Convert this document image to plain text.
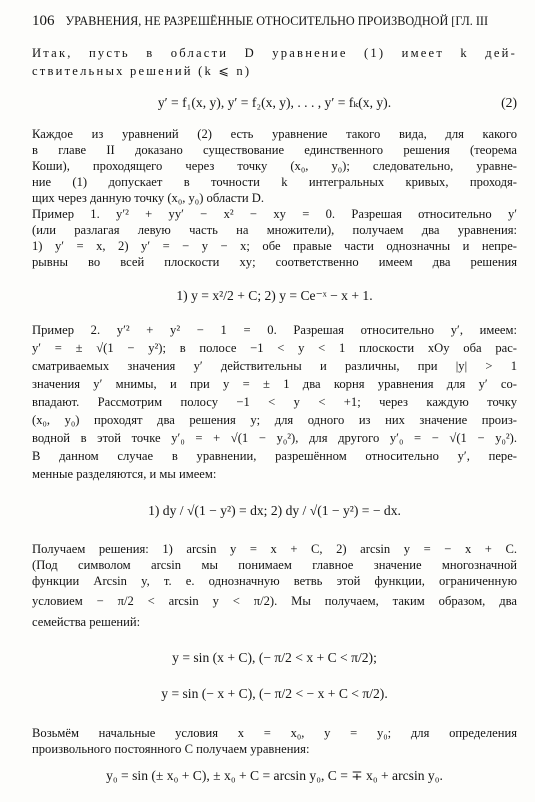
106 УРАВНЕНИЯ, НЕ РАЗРЕШЁННЫЕ ОТНОСИТЕЛЬНО ПРОИЗВОДНОЙ [ГЛ. III
Итак, пусть в области D уравнение (1) имеет k дей-
ствительных решений (k ⩽ n)
y′ = f₁(x, y), y′ = f₂(x, y), . . . , y′ = fₖ(x, y).	(2)
Каждое из уравнений (2) есть уравнение такого вида, для какого
в главе II доказано существование единственного решения (теорема
Коши), проходящего через точку (x₀, y₀); следовательно, уравне-
ние (1) допускает в точности k интегральных кривых, проходя-
щих через данную точку (x₀, y₀) области D.
Пример 1. y′² + yy′ − x² − xy = 0. Разрешая относительно y′
(или разлагая левую часть на множители), получаем два уравнения:
1) y′ = x, 2) y′ = − y − x; обе правые части однозначны и непре-
рывны во всей плоскости xy; соответственно имеем два решения
1) y = x²/2 + C; 2) y = Ce⁻ˣ − x + 1.
Пример 2. y′² + y² − 1 = 0. Разрешая относительно y′, имеем:
y′ = ± √(1 − y²); в полосе −1 < y < 1 плоскости xOy оба рас-
сматриваемых значения y′ действительны и различны, при |y| > 1
значения y′ мнимы, и при y = ± 1 два корня уравнения для y′ со-
впадают. Рассмотрим полосу −1 < y < +1; через каждую точку
(x₀, y₀) проходят два решения y; для одного из них значение произ-
водной в этой точке y′₀ = + √(1 − y₀²), для другого y′₀ = − √(1 − y₀²).
В данном случае в уравнении, разрешённом относительно y′, пере-
менные разделяются, и мы имеем:
1) dy / √(1 − y²) = dx; 2) dy / √(1 − y²) = − dx.
Получаем решения: 1) arcsin y = x + C, 2) arcsin y = − x + C.
(Под символом arcsin мы понимаем главное значение многозначной
функции Arcsin y, т. е. однозначную ветвь этой функции, ограниченную
условием − π/2 < arcsin y < π/2). Мы получаем, таким образом, два
семейства решений:
y = sin (x + C), (− π/2 < x + C < π/2);
y = sin (− x + C), (− π/2 < − x + C < π/2).
Возьмём начальные условия x = x₀, y = y₀; для определения
произвольного постоянного C получаем уравнения:
y₀ = sin (± x₀ + C), ± x₀ + C = arcsin y₀, C = ∓ x₀ + arcsin y₀.
